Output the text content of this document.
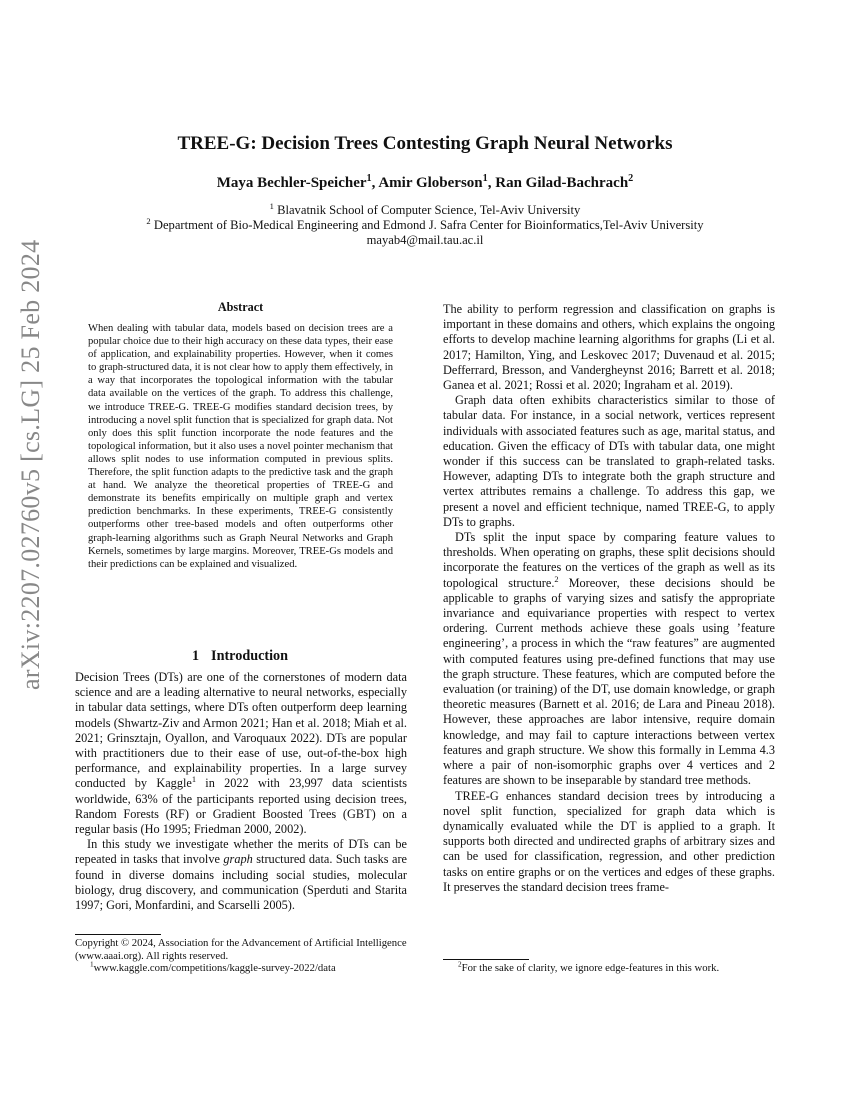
arXiv:2207.02760v5 [cs.LG] 25 Feb 2024
TREE-G: Decision Trees Contesting Graph Neural Networks
Maya Bechler-Speicher$^1$, Amir Globerson$^1$, Ran Gilad-Bachrach$^2$
$^1$ Blavatnik School of Computer Science, Tel-Aviv University
$^2$ Department of Bio-Medical Engineering and Edmond J. Safra Center for Bioinformatics,Tel-Aviv University
mayab4@mail.tau.ac.il
Abstract
When dealing with tabular data, models based on decision trees are a popular choice due to their high accuracy on these data types, their ease of application, and explainability properties. However, when it comes to graph-structured data, it is not clear how to apply them effectively, in a way that incorporates the topological information with the tabular data available on the vertices of the graph. To address this challenge, we introduce TREE-G. TREE-G modifies standard decision trees, by introducing a novel split function that is specialized for graph data. Not only does this split function incorporate the node features and the topological information, but it also uses a novel pointer mechanism that allows split nodes to use information computed in previous splits. Therefore, the split function adapts to the predictive task and the graph at hand. We analyze the theoretical properties of TREE-G and demonstrate its benefits empirically on multiple graph and vertex prediction benchmarks. In these experiments, TREE-G consistently outperforms other tree-based models and often outperforms other graph-learning algorithms such as Graph Neural Networks and Graph Kernels, sometimes by large margins. Moreover, TREE-Gs models and their predictions can be explained and visualized.
1 Introduction

Decision Trees (DTs) are one of the cornerstones of modern data science and are a leading alternative to neural networks, especially in tabular data settings, where DTs often outperform deep learning models (Shwartz-Ziv and Armon 2021; Han et al. 2018; Miah et al. 2021; Grinsztajn, Oyallon, and Varoquaux 2022). DTs are popular with practitioners due to their ease of use, out-of-the-box high performance, and explainability properties. In a large survey conducted by Kaggle$^1$ in 2022 with 23,997 data scientists worldwide, 63% of the participants reported using decision trees, Random Forests (RF) or Gradient Boosted Trees (GBT) on a regular basis (Ho 1995; Friedman 2000, 2002).

In this study we investigate whether the merits of DTs can be repeated in tasks that involve graph structured data. Such tasks are found in diverse domains including social studies, molecular biology, drug discovery, and communication (Sperduti and Starita 1997; Gori, Monfardini, and Scarselli 2005).

Copyright © 2024, Association for the Advancement of Artificial Intelligence (www.aaai.org). All rights reserved.
$^1$www.kaggle.com/competitions/kaggle-survey-2022/data

The ability to perform regression and classification on graphs is important in these domains and others, which explains the ongoing efforts to develop machine learning algorithms for graphs (Li et al. 2017; Hamilton, Ying, and Leskovec 2017; Duvenaud et al. 2015; Defferrard, Bresson, and Vandergheynst 2016; Barrett et al. 2018; Ganea et al. 2021; Rossi et al. 2020; Ingraham et al. 2019).

Graph data often exhibits characteristics similar to those of tabular data. For instance, in a social network, vertices represent individuals with associated features such as age, marital status, and education. Given the efficacy of DTs with tabular data, one might wonder if this success can be translated to graph-related tasks. However, adapting DTs to integrate both the graph structure and vertex attributes remains a challenge. To address this gap, we present a novel and efficient technique, named TREE-G, to apply DTs to graphs.

DTs split the input space by comparing feature values to thresholds. When operating on graphs, these split decisions should incorporate the features on the vertices of the graph as well as its topological structure.$^2$ Moreover, these decisions should be applicable to graphs of varying sizes and satisfy the appropriate invariance and equivariance properties with respect to vertex ordering. Current methods achieve these goals using ’feature engineering’, a process in which the “raw features” are augmented with computed features using pre-defined functions that may use the graph structure. These features, which are computed before the evaluation (or training) of the DT, use domain knowledge, or graph theoretic measures (Barnett et al. 2016; de Lara and Pineau 2018). However, these approaches are labor intensive, require domain knowledge, and may fail to capture interactions between vertex features and graph structure. We show this formally in Lemma 4.3 where a pair of non-isomorphic graphs over 4 vertices and 2 features are shown to be inseparable by standard tree methods.

TREE-G enhances standard decision trees by introducing a novel split function, specialized for graph data which is dynamically evaluated while the DT is applied to a graph. It supports both directed and undirected graphs of arbitrary sizes and can be used for classification, regression, and other prediction tasks on entire graphs or on the vertices and edges of these graphs. It preserves the standard decision trees frame-

$^2$For the sake of clarity, we ignore edge-features in this work.
